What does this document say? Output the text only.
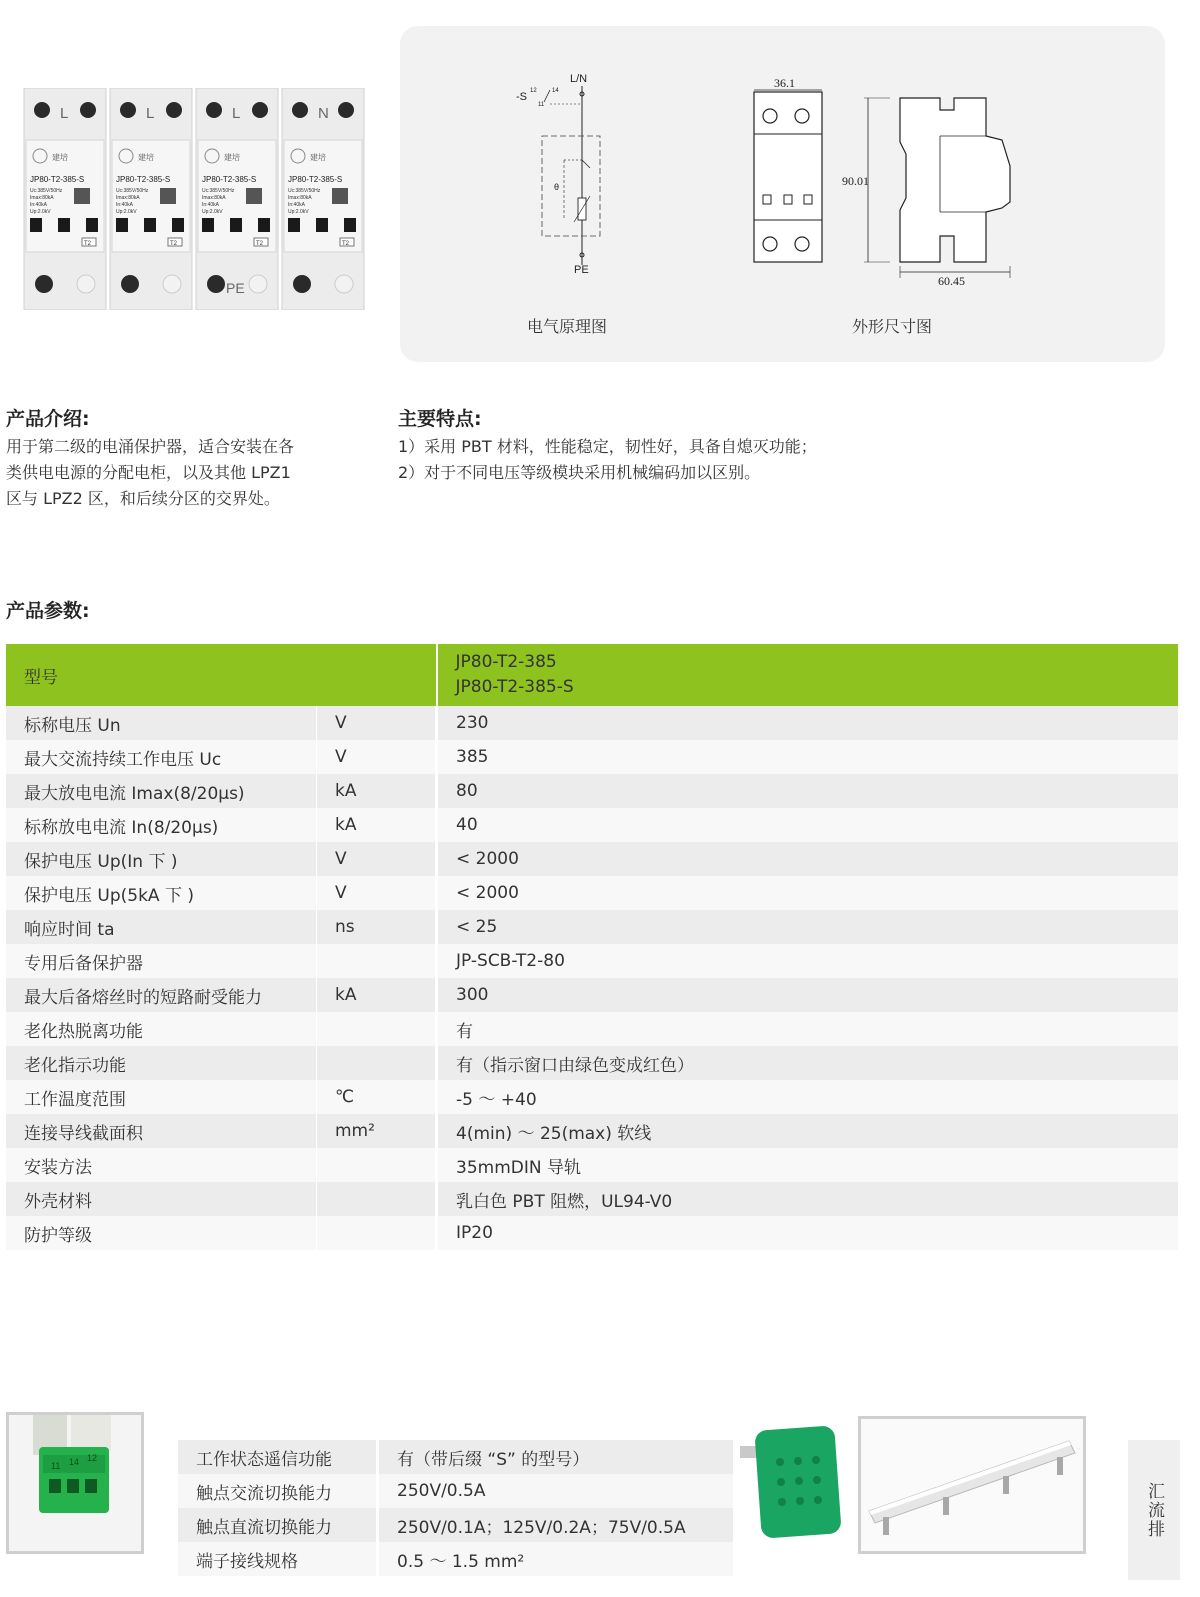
L
建培
JP80-T2-385-S
Uc:385V/50Hz
Imax:80kA
In:40kA
Up:2.0kV
T2
L
建培
JP80-T2-385-S
Uc:385V/50Hz
Imax:80kA
In:40kA
Up:2.0kV
T2
L
建培
JP80-T2-385-S
Uc:385V/50Hz
Imax:80kA
In:40kA
Up:2.0kV
T2
N
建培
JP80-T2-385-S
Uc:385V/50Hz
Imax:80kA
In:40kA
Up:2.0kV
T2
PE
L/N
-S 12	14
11
θ
PE
电气原理图
36.1
90.01
60.45
外形尺寸图
产品介绍:
用于第二级的电涌保护器，适合安装在各
类供电电源的分配电柜，以及其他 LPZ1
区与 LPZ2 区，和后续分区的交界处。
主要特点:
1）采用 PBT 材料，性能稳定，韧性好，具备自熄灭功能；
2）对于不同电压等级模块采用机械编码加以区别。
产品参数:
型号		JP80-T2-385
JP80-T2-385-S

标称电压 Un	V	230
最大交流持续工作电压 Uc	V	385
最大放电电流 Imax(8/20μs)	kA	80
标称放电电流 In(8/20μs)	kA	40
保护电压 Up(In 下 )	V	< 2000
保护电压 Up(5kA 下 )	V	< 2000
响应时间 ta	ns	< 25
专用后备保护器		JP-SCB-T2-80
最大后备熔丝时的短路耐受能力	kA	300
老化热脱离功能		有
老化指示功能		有（指示窗口由绿色变成红色）
工作温度范围	℃	-5 ～ +40
连接导线截面积	mm²	4(min) ～ 25(max) 软线
安装方法		35mmDIN 导轨
外壳材料		乳白色 PBT 阻燃，UL94-V0
防护等级		IP20
11 14 12	工作状态遥信功能	有（带后缀 “S” 的型号）
触点交流切换能力	250V/0.5A
触点直流切换能力	250V/0.1A；125V/0.2A；75V/0.5A
端子接线规格	0.5 ～ 1.5 mm²
汇流排
